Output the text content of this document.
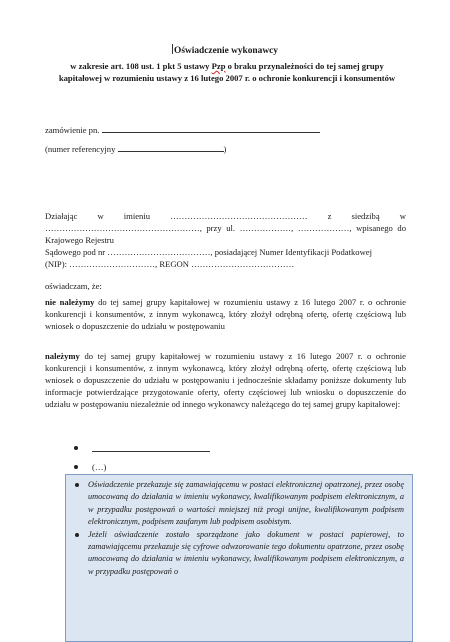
Oświadczenie wykonawcy
w zakresie art. 108 ust. 1 pkt 5 ustawy Pzp o braku przynależności do tej samej grupy kapitałowej w rozumieniu ustawy z 16 lutego 2007 r. o ochronie konkurencji i konsumentów
zamówienie pn.
(numer referencyjny	)
Działając w imieniu ………………………………………… z siedzibą w
………………………………………………, przy ul. ………………, ………………, wpisanego do Krajowego Rejestru
Sądowego pod nr ………………………………, posiadającej Numer Identyfikacji Podatkowej
(NIP): …………………………, REGON ………………………………
oświadczam, że:
nie należymy do tej samej grupy kapitałowej w rozumieniu ustawy z 16 lutego 2007 r. o ochronie konkurencji i konsumentów, z innym wykonawcą, który złożył odrębną ofertę, ofertę częściową lub wniosek o dopuszczenie do udziału w postępowaniu
należymy do tej samej grupy kapitałowej w rozumieniu ustawy z 16 lutego 2007 r. o ochronie konkurencji i konsumentów, z innym wykonawcą, który złożył odrębną ofertę, ofertę częściową lub wniosek o dopuszczenie do udziału w postępowaniu i jednocześnie składamy poniższe dokumenty lub informacje potwierdzające przygotowanie oferty, oferty częściowej lub wniosku o dopuszczenie do udziału w postępowaniu niezależnie od innego wykonawcy należącego do tej samej grupy kapitałowej:
(…)
Oświadczenie przekazuje się zamawiającemu w postaci elektronicznej opatrzonej, przez osobę umocowaną do działania w imieniu wykonawcy, kwalifikowanym podpisem elektronicznym, a w przypadku postępowań o wartości mniejszej niż progi unijne, kwalifikowanym podpisem elektronicznym, podpisem zaufanym lub podpisem osobistym.
Jeżeli oświadczenie zostało sporządzone jako dokument w postaci papierowej, to zamawiającemu przekazuje się cyfrowe odwzorowanie tego dokumentu opatrzone, przez osobę umocowaną do działania w imieniu wykonawcy, kwalifikowanym podpisem elektronicznym, a w przypadku postępowań o
